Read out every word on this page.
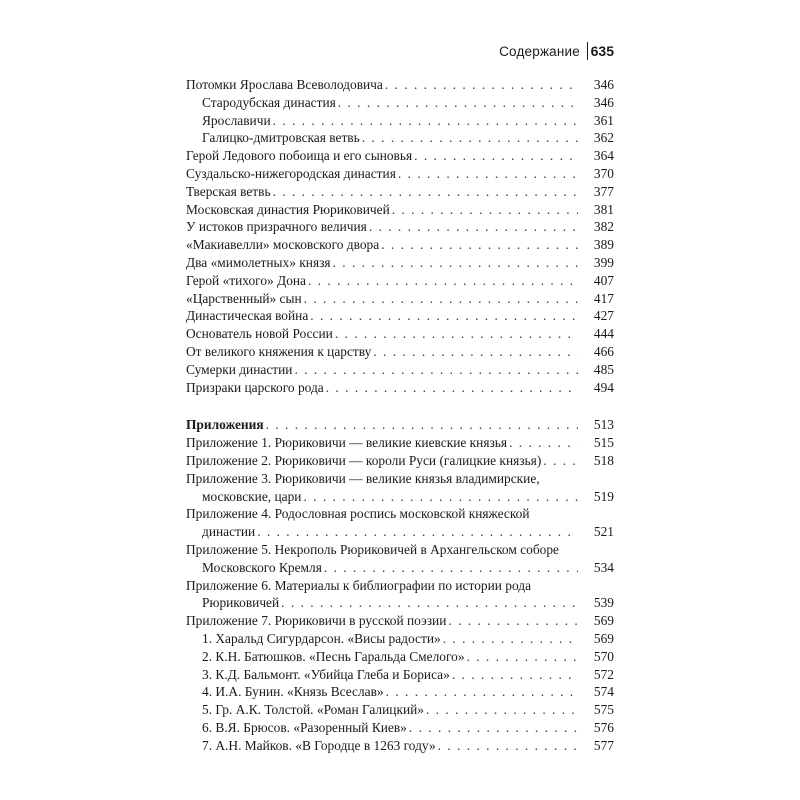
Содержание 635
Потомки Ярослава Всеволодовича . . .	346
Стародубская династия . . .	346
Ярославичи . . .	361
Галицко-дмитровская ветвь . . .	362
Герой Ледового побоища и его сыновья . . .	364
Суздальско-нижегородская династия . . .	370
Тверская ветвь . . .	377
Московская династия Рюриковичей . . .	381
У истоков призрачного величия . . .	382
«Макиавелли» московского двора . . .	389
Два «мимолетных» князя . . .	399
Герой «тихого» Дона . . .	407
«Царственный» сын . . .	417
Династическая война . . .	427
Основатель новой России . . .	444
От великого княжения к царству . . .	466
Сумерки династии . . .	485
Призраки царского рода . . .	494
Приложения . . .	513
Приложение 1. Рюриковичи — великие киевские князья . . .	515
Приложение 2. Рюриковичи — короли Руси (галицкие князья) . . .	518
Приложение 3. Рюриковичи — великие князья владимирские,
московские, цари . . .	519
Приложение 4. Родословная роспись московской княжеской
династии . . .	521
Приложение 5. Некрополь Рюриковичей в Архангельском соборе
Московского Кремля . . .	534
Приложение 6. Материалы к библиографии по истории рода
Рюриковичей . . .	539
Приложение 7. Рюриковичи в русской поэзии . . .	569
1. Харальд Сигурдарсон. «Висы радости» . . .	569
2. К.Н. Батюшков. «Песнь Гаральда Смелого» . . .	570
3. К.Д. Бальмонт. «Убийца Глеба и Бориса» . . .	572
4. И.А. Бунин. «Князь Всеслав» . . .	574
5. Гр. А.К. Толстой. «Роман Галицкий» . . .	575
6. В.Я. Брюсов. «Разоренный Киев» . . .	576
7. А.Н. Майков. «В Городце в 1263 году» . . .	577
